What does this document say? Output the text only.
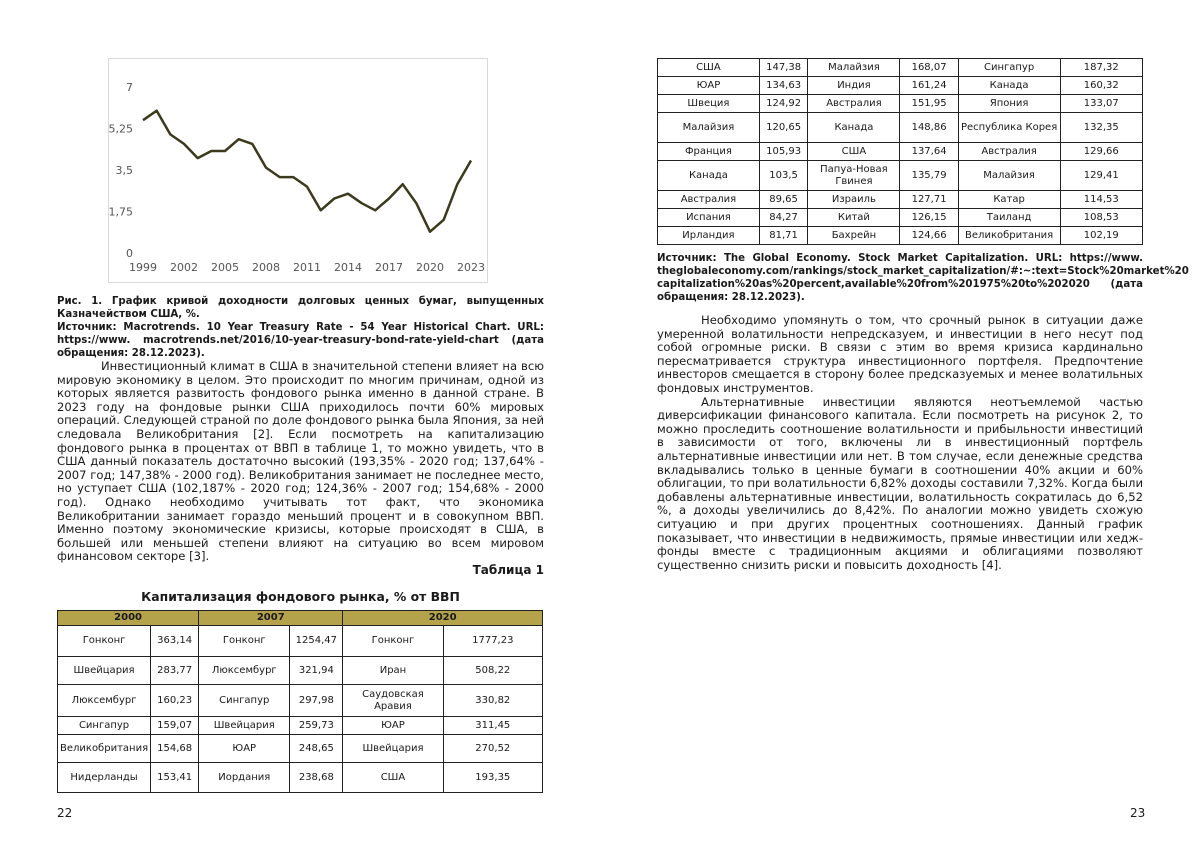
0
1,75
3,5
5,25
7
1999 2002 2005 2008 2011 2014 2017 2020 2023
Рис. 1. График кривой доходности долговых ценных бумаг, выпущенных Казначейством США, %.
Источник: Macrotrends. 10 Year Treasury Rate - 54 Year Historical Chart. URL: https://www. macrotrends.net/2016/10-year-treasury-bond-rate-yield-chart (дата обращения: 28.12.2023).

Инвестиционный климат в США в значительной степени влияет на всю мировую экономику в целом. Это происходит по многим причинам, одной из которых является развитость фондового рынка именно в данной стране. В 2023 году на фондовые рынки США приходилось почти 60% мировых операций. Следующей страной по доле фондового рынка была Япония, за ней следовала Великобритания [2]. Если посмотреть на капитализацию фондового рынка в процентах от ВВП в таблице 1, то можно увидеть, что в США данный показатель достаточно высокий (193,35% - 2020 год; 137,64% - 2007 год; 147,38% - 2000 год). Великобритания занимает не последнее место, но уступает США (102,187% - 2020 год; 124,36% - 2007 год; 154,68% - 2000 год). Однако необходимо учитывать тот факт, что экономика Великобритании занимает гораздо меньший процент и в совокупном ВВП. Именно поэтому экономические кризисы, которые происходят в США, в большей или меньшей степени влияют на ситуацию во всем мировом финансовом секторе [3].

Таблица 1
Капитализация фондового рынка, % от ВВП
2000		2007		2020	
Гонконг	363,14	Гонконг	1254,47	Гонконг	1777,23
Швейцария	283,77	Люксембург	321,94	Иран	508,22
Люксембург	160,23	Сингапур	297,98	Саудовская Аравия	330,82
Сингапур	159,07	Швейцария	259,73	ЮАР	311,45
Великобритания	154,68	ЮАР	248,65	Швейцария	270,52
Нидерланды	153,41	Иордания	238,68	США	193,35
22
США	147,38	Малайзия	168,07	Сингапур	187,32
ЮАР	134,63	Индия	161,24	Канада	160,32
Швеция	124,92	Австралия	151,95	Япония	133,07
Малайзия	120,65	Канада	148,86	Республика Корея	132,35
Франция	105,93	США	137,64	Австралия	129,66
Канада	103,5	Папуа-Новая Гвинея	135,79	Малайзия	129,41
Австралия	89,65	Израиль	127,71	Катар	114,53
Испания	84,27	Китай	126,15	Таиланд	108,53
Ирландия	81,71	Бахрейн	124,66	Великобритания	102,19
Источник: The Global Economy. Stock Market Capitalization. URL: https://www. theglobaleconomy.com/rankings/stock_market_capitalization/#:~:text=Stock%20market%20 capitalization%20as%20percent,available%20from%201975%20to%202020 (дата обращения: 28.12.2023).

Необходимо упомянуть о том, что срочный рынок в ситуации даже умеренной волатильности непредсказуем, и инвестиции в него несут под собой огромные риски. В связи с этим во время кризиса кардинально пересматривается структура инвестиционного портфеля. Предпочтение инвесторов смещается в сторону более предсказуемых и менее волатильных фондовых инструментов.

Альтернативные инвестиции являются неотъемлемой частью диверсификации финансового капитала. Если посмотреть на рисунок 2, то можно проследить соотношение волатильности и прибыльности инвестиций в зависимости от того, включены ли в инвестиционный портфель альтернативные инвестиции или нет. В том случае, если денежные средства вкладывались только в ценные бумаги в соотношении 40% акции и 60% облигации, то при волатильности 6,82% доходы составили 7,32%. Когда были добавлены альтернативные инвестиции, волатильность сократилась до 6,52 %, а доходы увеличились до 8,42%. По аналогии можно увидеть схожую ситуацию и при других процентных соотношениях. Данный график показывает, что инвестиции в недвижимость, прямые инвестиции или хедж-фонды вместе с традиционным акциями и облигациями позволяют существенно снизить риски и повысить доходность [4].

23
